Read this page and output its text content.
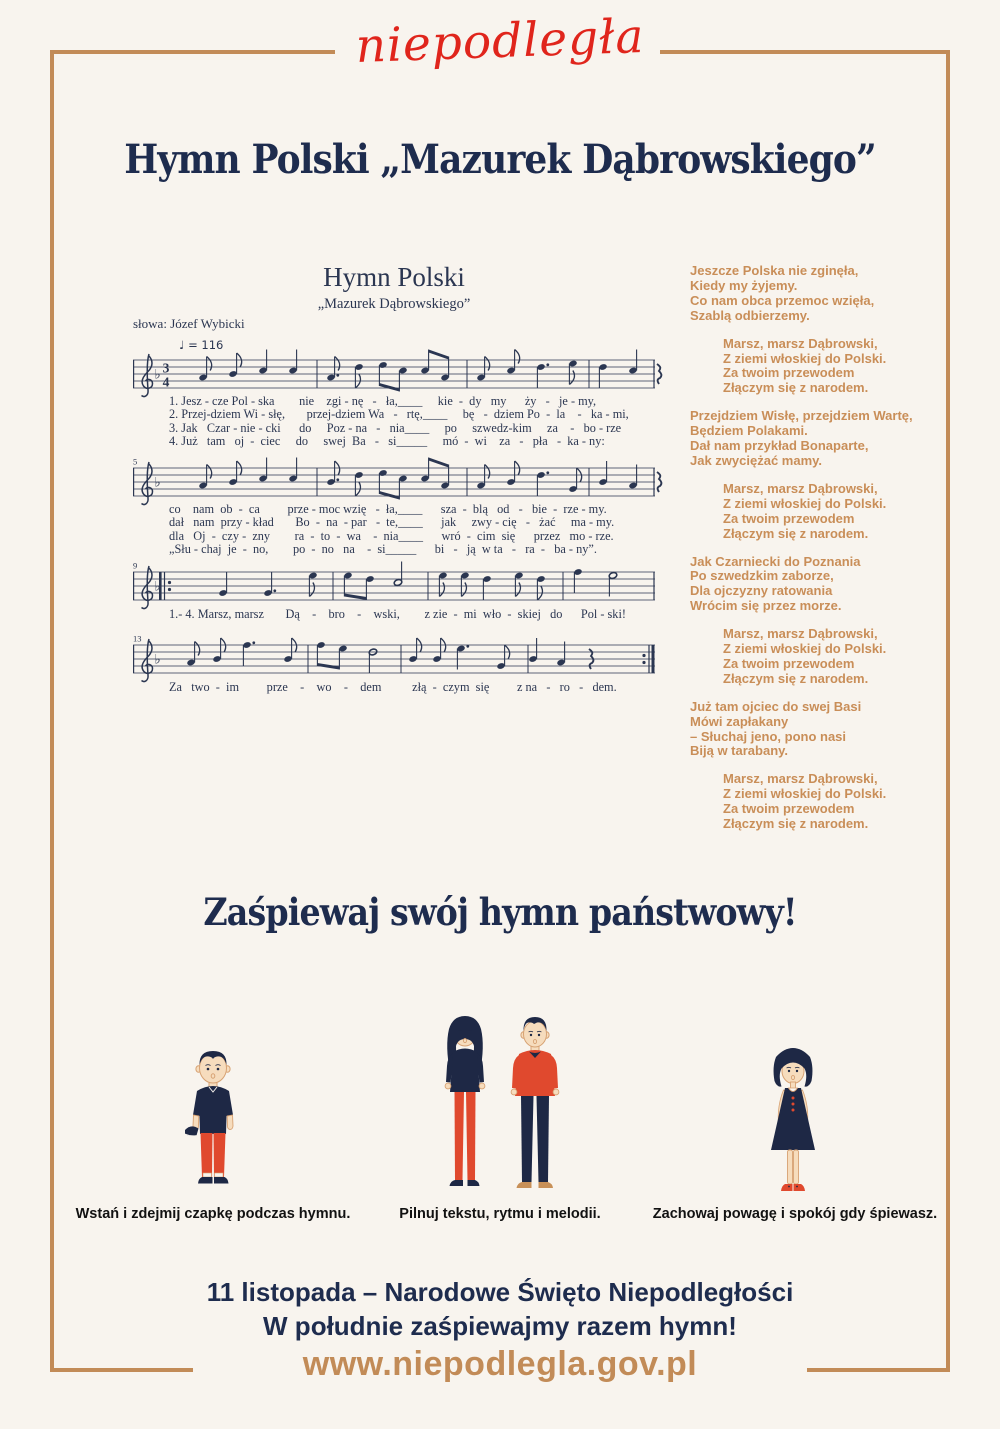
niepodległa
Hymn Polski „Mazurek Dąbrowskiego”
Hymn Polski
„Mazurek Dąbrowskiego”
słowa: Józef Wybicki
♩ = 116
♭ 3
4
1. Jesz - cze Pol - ska        nie    zgi - nę   -   ła,____     kie  -  dy   my      ży   -   je - my,
2. Przej-dziem Wi - słę,       przej-dziem Wa   -   rtę,____     bę   -  dziem Po  -  la    -   ka - mi,
3. Jak   Czar - nie - cki      do     Poz - na   -   nia____     po     szwedz-kim     za    -   bo - rze
4. Już   tam   oj  -  ciec     do     swej  Ba   -   si_____     mó  -  wi    za   -   pła   -  ka - ny:
♭
5
co    nam  ob  -  ca         prze - moc wzię   -  ła,____      sza  -  blą   od   -   bie  -  rze - my.
dał   nam  przy - kład       Bo  -  na  - par   -  te,____      jak     zwy - cię   -   żać     ma - my.
dla   Oj  -  czy -  zny        ra  -  to  -  wa    -  nia____      wró  -  cim  się      przez   mo - rze.
„Słu - chaj  je  -  no,        po  -  no   na    -  si_____      bi   -   ją  w ta   -   ra  -   ba - ny”.
♭
9
1.- 4. Marsz, marsz       Dą    -    bro    -    wski,        z zie  -  mi  wło  -  skiej   do      Pol - ski!
♭
13
Za   two  -  im         prze    -    wo    -    dem          złą  -  czym  się         z na   -   ro   -   dem.
Jeszcze Polska nie zginęła,
Kiedy my żyjemy.
Co nam obca przemoc wzięła,
Szablą odbierzemy.
Marsz, marsz Dąbrowski,
Z ziemi włoskiej do Polski.
Za twoim przewodem
Złączym się z narodem.
Przejdziem Wisłę, przejdziem Wartę,
Będziem Polakami.
Dał nam przykład Bonaparte,
Jak zwyciężać mamy.
Marsz, marsz Dąbrowski,
Z ziemi włoskiej do Polski.
Za twoim przewodem
Złączym się z narodem.
Jak Czarniecki do Poznania
Po szwedzkim zaborze,
Dla ojczyzny ratowania
Wrócim się przez morze.
Marsz, marsz Dąbrowski,
Z ziemi włoskiej do Polski.
Za twoim przewodem
Złączym się z narodem.
Już tam ojciec do swej Basi
Mówi zapłakany
– Słuchaj jeno, pono nasi
Biją w tarabany.
Marsz, marsz Dąbrowski,
Z ziemi włoskiej do Polski.
Za twoim przewodem
Złączym się z narodem.
Zaśpiewaj swój hymn państwowy!
Wstań i zdejmij czapkę podczas hymnu.	Pilnuj tekstu, rytmu i melodii.	Zachowaj powagę i spokój gdy śpiewasz.
11 listopada – Narodowe Święto Niepodległości
W południe zaśpiewajmy razem hymn!
www.niepodlegla.gov.pl
